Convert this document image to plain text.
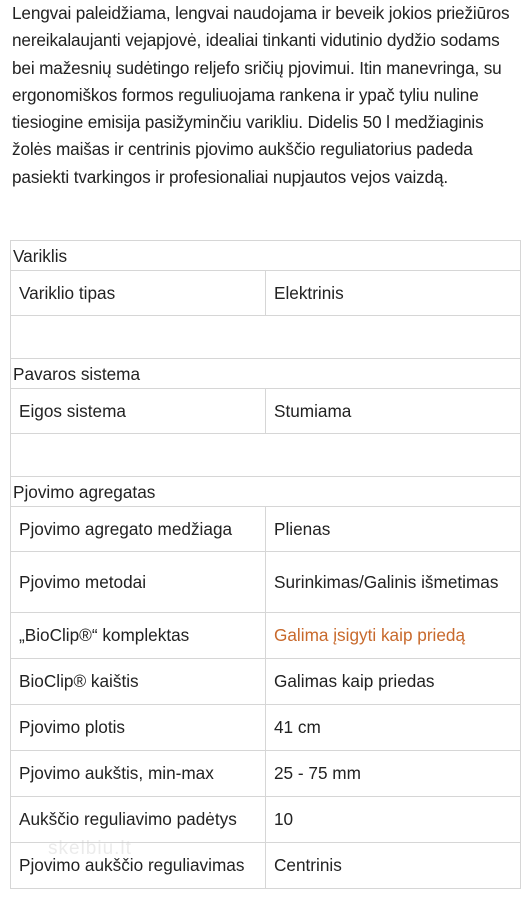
Lengvai paleidžiama, lengvai naudojama ir beveik jokios priežiūros nereikalaujanti vejapjovė, idealiai tinkanti vidutinio dydžio sodams bei mažesnių sudėtingo reljefo sričių pjovimui. Itin manevringa, su ergonomiškos formos reguliuojama rankena ir ypač tyliu nuline tiesiogine emisija pasižyminčiu varikliu. Didelis 50 l medžiaginis žolės maišas ir centrinis pjovimo aukščio reguliatorius padeda pasiekti tvarkingos ir profesionaliai nupjautos vejos vaizdą.

Variklis	
Variklio tipas	Elektrinis

Pavaros sistema	
Eigos sistema	Stumiama

Pjovimo agregatas	
Pjovimo agregato medžiaga	Plienas
Pjovimo metodai	Surinkimas/Galinis išmetimas
„BioClip®“ komplektas	Galima įsigyti kaip priedą
BioClip® kaištis	Galimas kaip priedas
Pjovimo plotis	41 cm
Pjovimo aukštis, min-max	25 - 75 mm
Aukščio reguliavimo padėtys	10
Pjovimo aukščio reguliavimas	Centrinis
skelbiu.lt
